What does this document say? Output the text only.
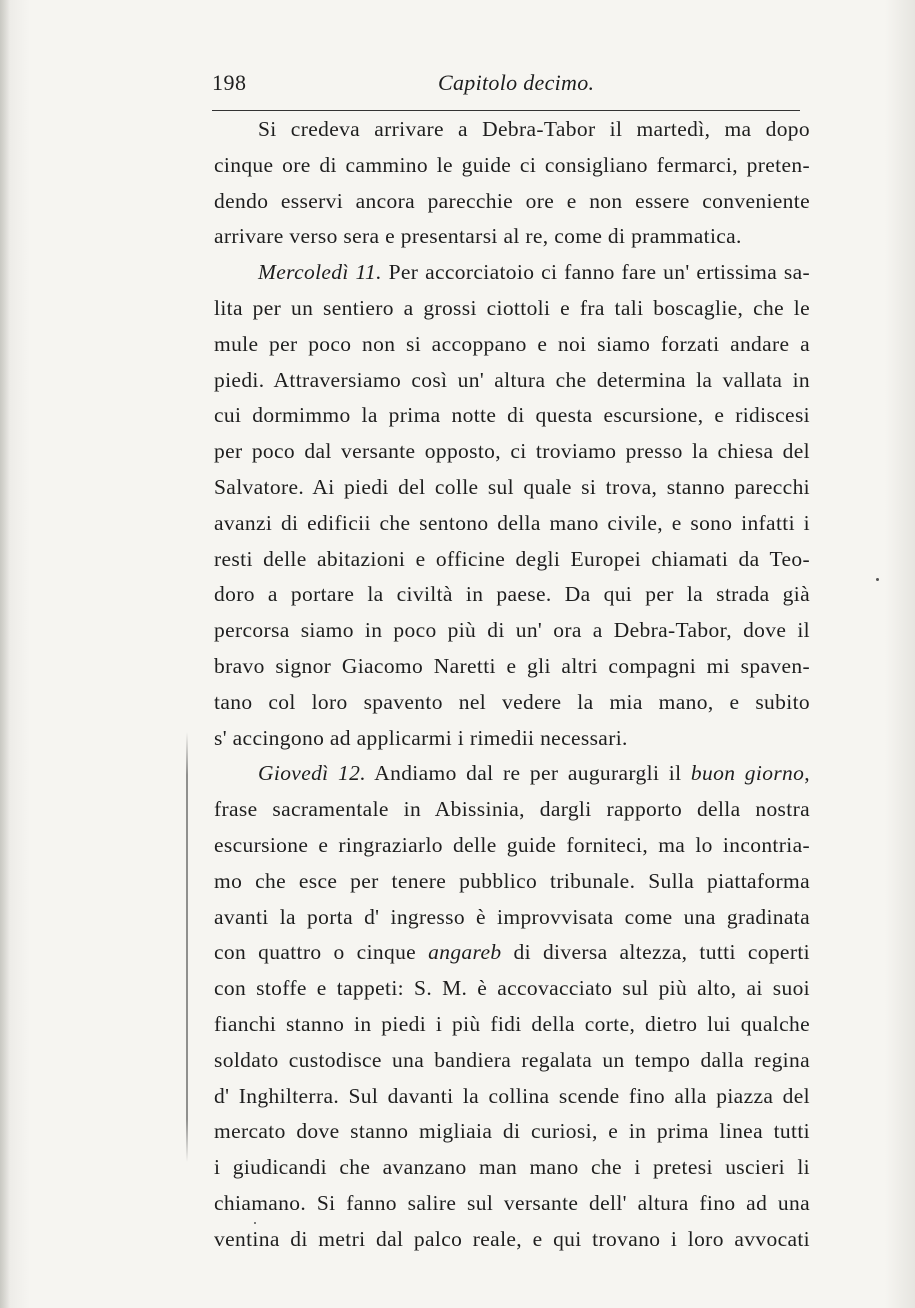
198	Capitolo decimo.
Si credeva arrivare a Debra-Tabor il martedì, ma dopo
cinque ore di cammino le guide ci consigliano fermarci, preten-
dendo esservi ancora parecchie ore e non essere conveniente
arrivare verso sera e presentarsi al re, come di prammatica.
Mercoledì 11. Per accorciatoio ci fanno fare un' ertissima sa-
lita per un sentiero a grossi ciottoli e fra tali boscaglie, che le
mule per poco non si accoppano e noi siamo forzati andare a
piedi. Attraversiamo così un' altura che determina la vallata in
cui dormimmo la prima notte di questa escursione, e ridiscesi
per poco dal versante opposto, ci troviamo presso la chiesa del
Salvatore. Ai piedi del colle sul quale si trova, stanno parecchi
avanzi di edificii che sentono della mano civile, e sono infatti i
resti delle abitazioni e officine degli Europei chiamati da Teo-
doro a portare la civiltà in paese. Da qui per la strada già
percorsa siamo in poco più di un' ora a Debra-Tabor, dove il
bravo signor Giacomo Naretti e gli altri compagni mi spaven-
tano col loro spavento nel vedere la mia mano, e subito
s' accingono ad applicarmi i rimedii necessari.
Giovedì 12. Andiamo dal re per augurargli il buon giorno,
frase sacramentale in Abissinia, dargli rapporto della nostra
escursione e ringraziarlo delle guide forniteci, ma lo incontria-
mo che esce per tenere pubblico tribunale. Sulla piattaforma
avanti la porta d' ingresso è improvvisata come una gradinata
con quattro o cinque angareb di diversa altezza, tutti coperti
con stoffe e tappeti: S. M. è accovacciato sul più alto, ai suoi
fianchi stanno in piedi i più fidi della corte, dietro lui qualche
soldato custodisce una bandiera regalata un tempo dalla regina
d' Inghilterra. Sul davanti la collina scende fino alla piazza del
mercato dove stanno migliaia di curiosi, e in prima linea tutti
i giudicandi che avanzano man mano che i pretesi uscieri li
chiamano. Si fanno salire sul versante dell' altura fino ad una
ventina di metri dal palco reale, e qui trovano i loro avvocati
